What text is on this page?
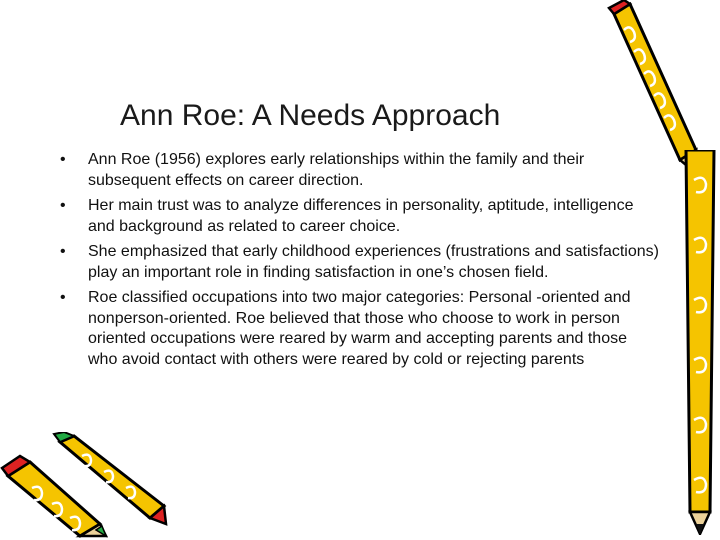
Ann Roe: A Needs Approach
• Ann Roe (1956) explores early relationships within the family and their subsequent effects on career direction.
• Her main trust was to analyze differences in personality, aptitude, intelligence and background as related to career choice.
• She emphasized that early childhood experiences (frustrations and satisfactions) play an important role in finding satisfaction in one’s chosen field.
• Roe classified occupations into two major categories: Personal -oriented and nonperson-oriented. Roe believed that those who choose to work in person oriented occupations were reared by warm and accepting parents and those who avoid contact with others were reared by cold or rejecting parents
